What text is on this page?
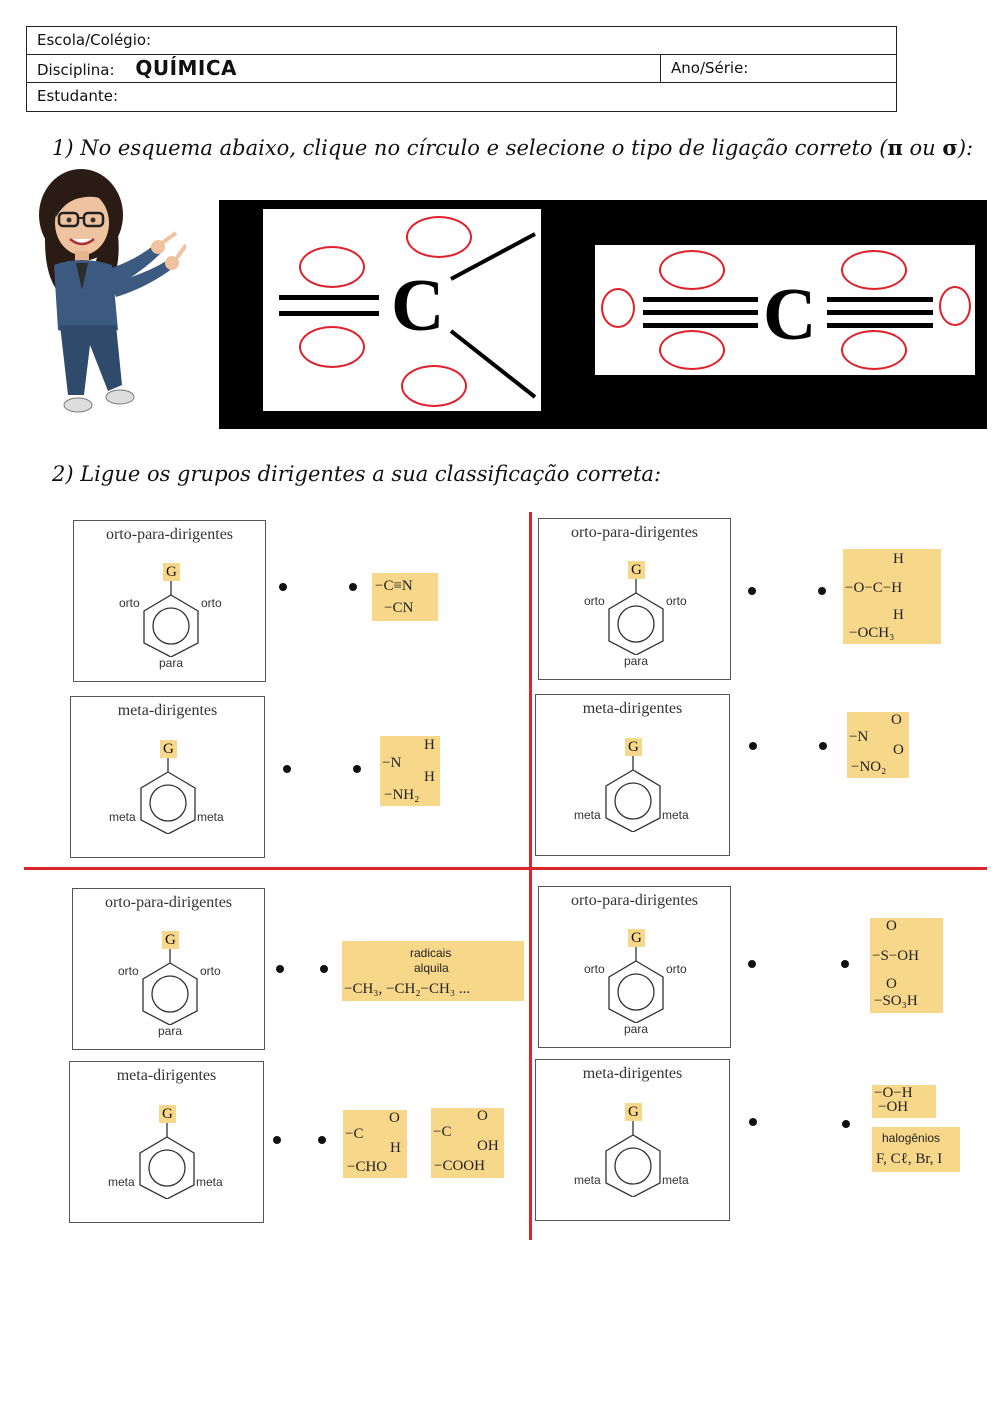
Escola/Colégio:
Disciplina: QUÍMICA	Ano/Série:
Estudante:
1) No esquema abaixo, clique no círculo e selecione o tipo de ligação correto (π ou σ):
C	C
2) Ligue os grupos dirigentes a sua classificação correta:
orto-para-dirigentes
G
orto	orto
para
−C≡N
−CN
meta-dirigentes
G
meta	meta
H
−N
H
−NH₂
orto-para-dirigentes
G
orto	orto
para
H
−O−C−H
H
−OCH₃
meta-dirigentes
G
meta	meta
O
−N
O
−NO₂
orto-para-dirigentes
G
orto	orto
para
radicais
alquila
−CH₃, −CH₂−CH₃ ...
meta-dirigentes
G
meta	meta
O
−C
H
−CHO
O
−C
OH
−COOH
orto-para-dirigentes
G
orto	orto
para
O
−S−OH
O
−SO₃H
meta-dirigentes
G
meta	meta
−O−H
−OH
halogênios
F, Cℓ, Br, I
